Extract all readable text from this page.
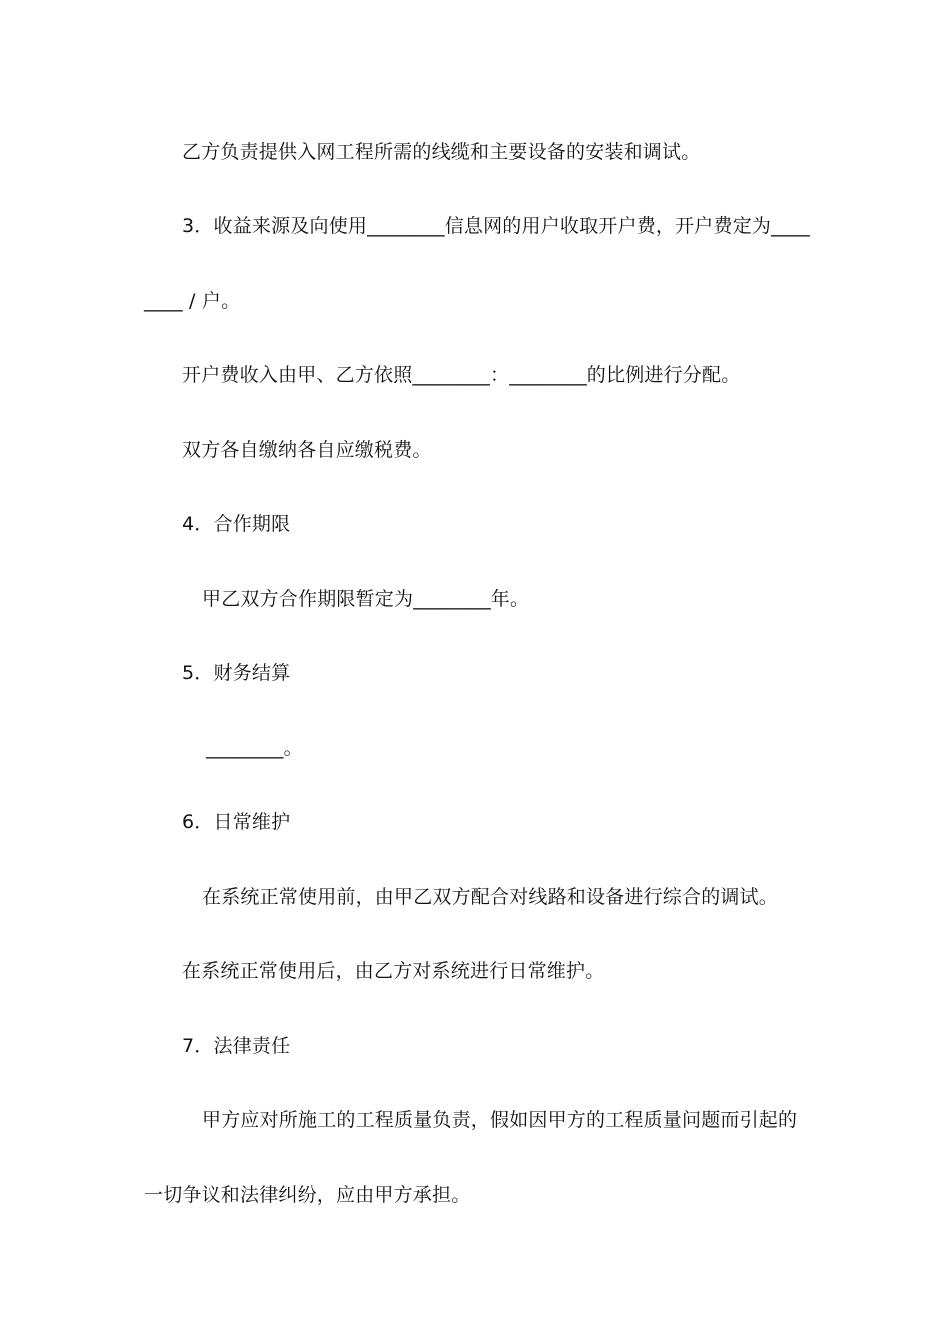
乙方负责提供入网工程所需的线缆和主要设备的安装和调试。
3．收益来源及向使用________信息网的用户收取开户费，开户费定为____
____ / 户。
开户费收入由甲、乙方依照________：________的比例进行分配。
双方各自缴纳各自应缴税费。
4．合作期限
甲乙双方合作期限暂定为________年。
5．财务结算
________。
6．日常维护
在系统正常使用前，由甲乙双方配合对线路和设备进行综合的调试。
在系统正常使用后，由乙方对系统进行日常维护。
7．法律责任
甲方应对所施工的工程质量负责，假如因甲方的工程质量问题而引起的
一切争议和法律纠纷，应由甲方承担。
